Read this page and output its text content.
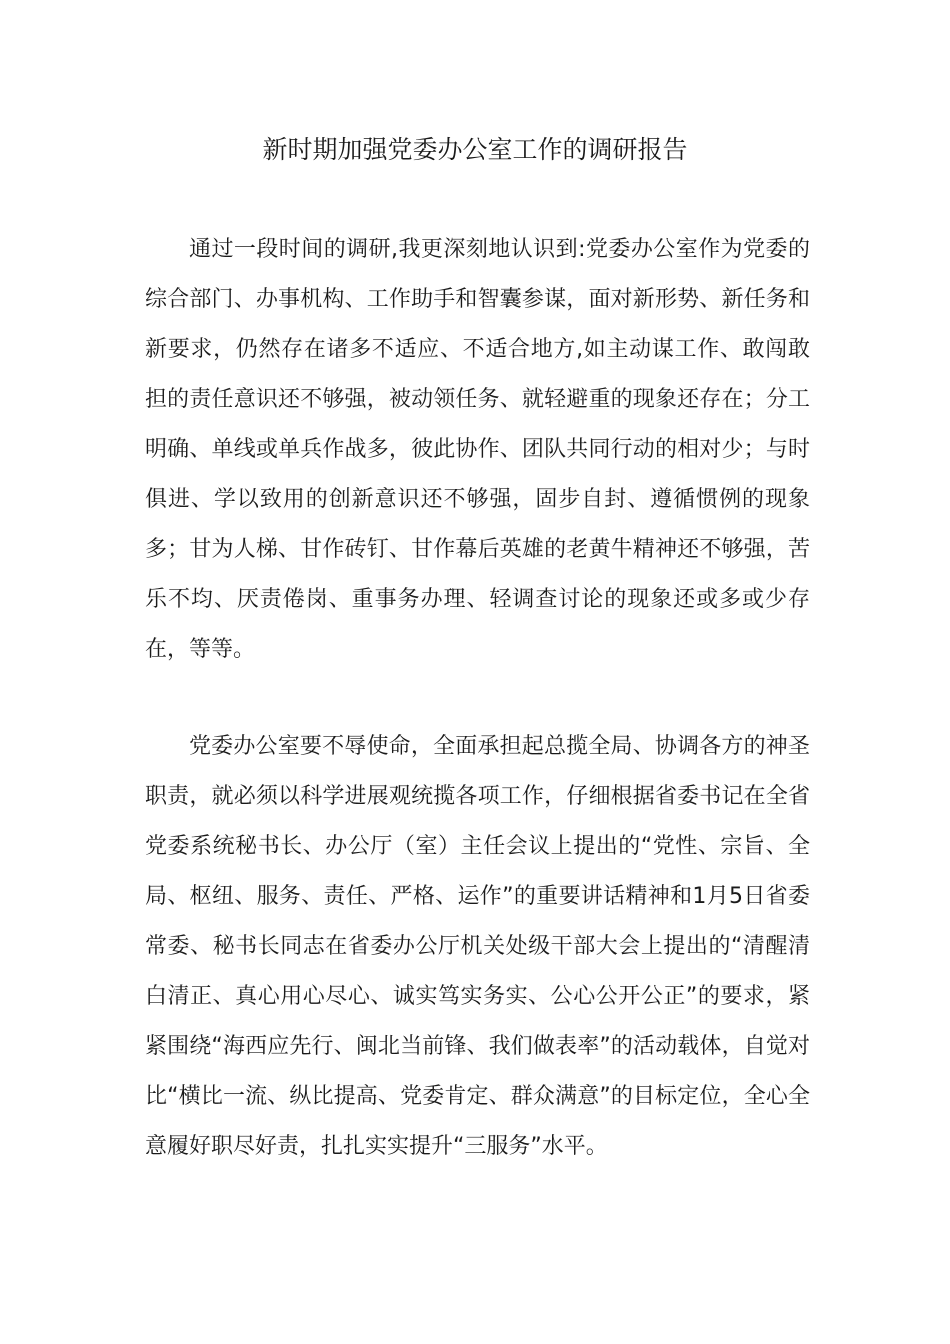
新时期加强党委办公室工作的调研报告

通过一段时间的调研,我更深刻地认识到:党委办公室作为党委的综合部门、办事机构、工作助手和智囊参谋，面对新形势、新任务和新要求，仍然存在诸多不适应、不适合地方,如主动谋工作、敢闯敢担的责任意识还不够强，被动领任务、就轻避重的现象还存在；分工明确、单线或单兵作战多，彼此协作、团队共同行动的相对少；与时俱进、学以致用的创新意识还不够强，固步自封、遵循惯例的现象多；甘为人梯、甘作砖钉、甘作幕后英雄的老黄牛精神还不够强，苦乐不均、厌责倦岗、重事务办理、轻调查讨论的现象还或多或少存在，等等。

党委办公室要不辱使命，全面承担起总揽全局、协调各方的神圣职责，就必须以科学进展观统揽各项工作，仔细根据省委书记在全省党委系统秘书长、办公厅（室）主任会议上提出的“党性、宗旨、全局、枢纽、服务、责任、严格、运作”的重要讲话精神和1月5日省委常委、秘书长同志在省委办公厅机关处级干部大会上提出的“清醒清白清正、真心用心尽心、诚实笃实务实、公心公开公正”的要求，紧紧围绕“海西应先行、闽北当前锋、我们做表率”的活动载体，自觉对比“横比一流、纵比提高、党委肯定、群众满意”的目标定位，全心全意履好职尽好责，扎扎实实提升“三服务”水平。
